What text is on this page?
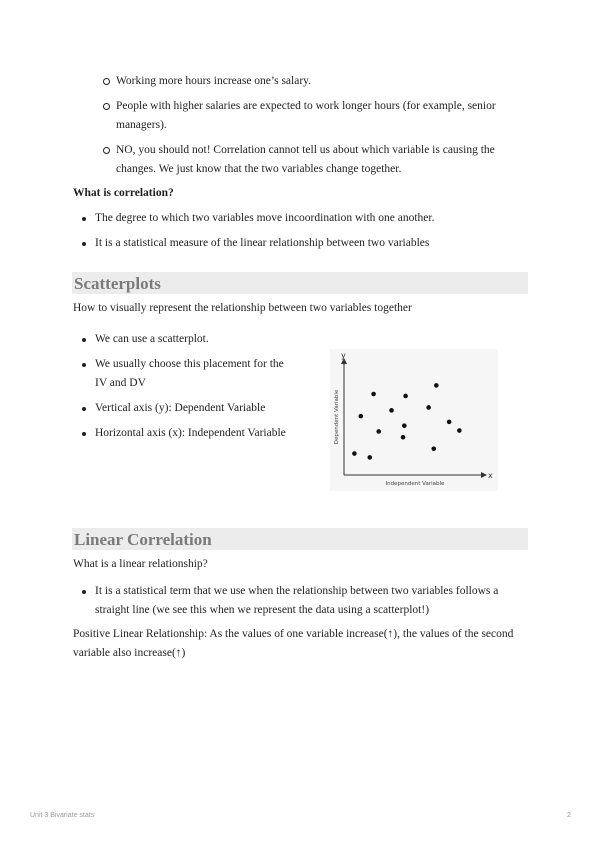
Working more hours increase one’s salary.
People with higher salaries are expected to work longer hours (for example, senior managers).
NO, you should not! Correlation cannot tell us about which variable is causing the changes. We just know that the two variables change together.
What is correlation?
The degree to which two variables move incoordination with one another.
It is a statistical measure of the linear relationship between two variables
Scatterplots
How to visually represent the relationship between two variables together
We can use a scatterplot.
We usually choose this placement for the IV and DV
Vertical axis (y): Dependent Variable
Horizontal axis (x): Independent Variable
y
x
Independent Variable
Dependent Variable
Linear Correlation
What is a linear relationship?
It is a statistical term that we use when the relationship between two variables follows a straight line (we see this when we represent the data using a scatterplot!)
Positive Linear Relationship: As the values of one variable increase(↑), the values of the second variable also increase(↑)
Unit 3 Bivariate stats	2
